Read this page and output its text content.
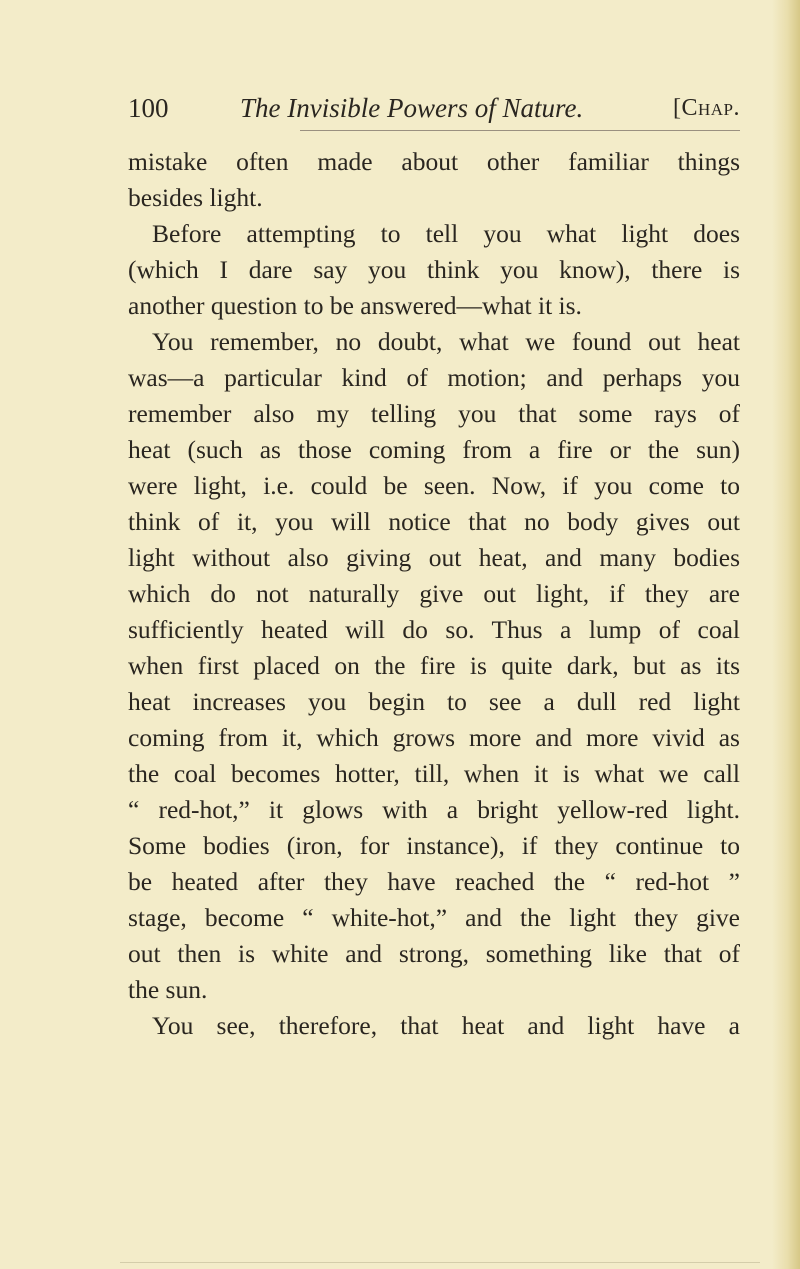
100	The Invisible Powers of Nature.	[Chap.
mistake often made about other familiar things
besides light.
Before attempting to tell you what light does
(which I dare say you think you know), there is
another question to be answered—what it is.
You remember, no doubt, what we found out heat
was—a particular kind of motion; and perhaps you
remember also my telling you that some rays of
heat (such as those coming from a fire or the sun)
were light, i.e. could be seen. Now, if you come to
think of it, you will notice that no body gives out
light without also giving out heat, and many bodies
which do not naturally give out light, if they are
sufficiently heated will do so. Thus a lump of coal
when first placed on the fire is quite dark, but as its
heat increases you begin to see a dull red light
coming from it, which grows more and more vivid as
the coal becomes hotter, till, when it is what we call
“ red-hot,” it glows with a bright yellow-red light.
Some bodies (iron, for instance), if they continue to
be heated after they have reached the “ red-hot ”
stage, become “ white-hot,” and the light they give
out then is white and strong, something like that of
the sun.
You see, therefore, that heat and light have a
